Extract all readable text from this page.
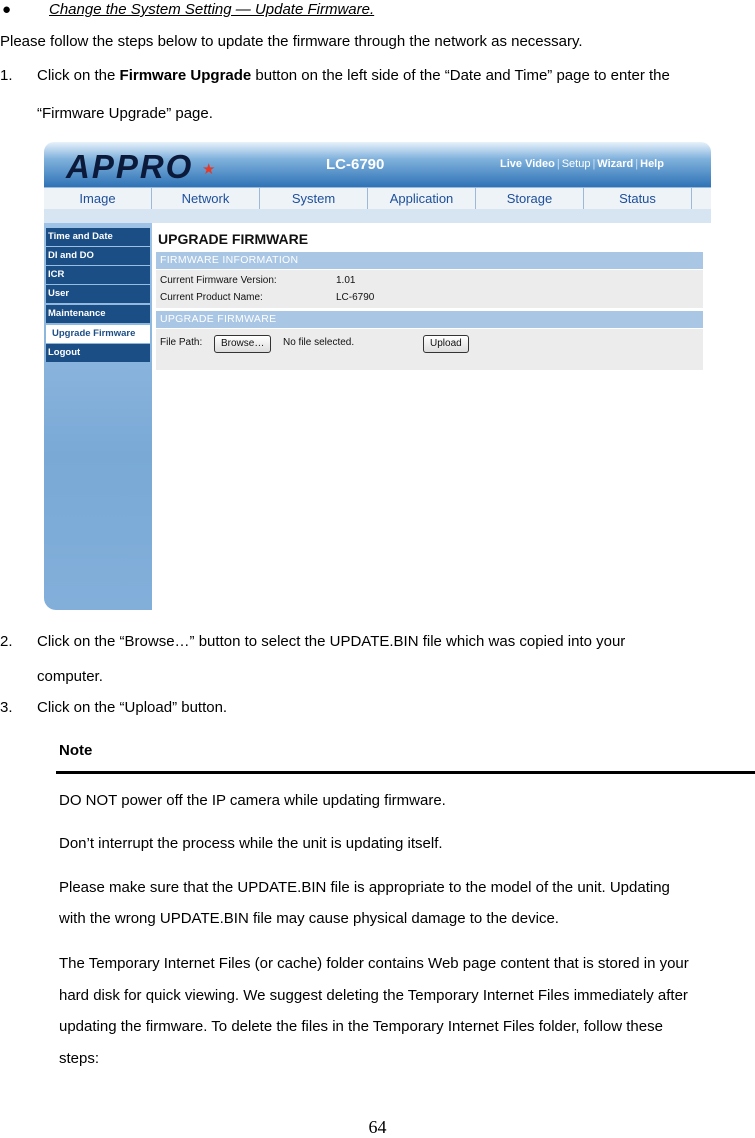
●	Change the System Setting — Update Firmware.
Please follow the steps below to update the firmware through the network as necessary.
1. Click on the Firmware Upgrade button on the left side of the “Date and Time” page to enter the
“Firmware Upgrade” page.
APPRO ★	LC-6790	Live Video | Setup | Wizard | Help
Image	Network	System	Application	Storage	Status
Time and Date
DI and DO
ICR
User
Maintenance
Upgrade Firmware
Logout
UPGRADE FIRMWARE
FIRMWARE INFORMATION
Current Firmware Version:	1.01
Current Product Name:	LC-6790
UPGRADE FIRMWARE
File Path:	Browse…	No file selected.	Upload
2. Click on the “Browse…” button to select the UPDATE.BIN file which was copied into your
computer.
3. Click on the “Upload” button.
Note
DO NOT power off the IP camera while updating firmware.
Don’t interrupt the process while the unit is updating itself.
Please make sure that the UPDATE.BIN file is appropriate to the model of the unit. Updating
with the wrong UPDATE.BIN file may cause physical damage to the device.
The Temporary Internet Files (or cache) folder contains Web page content that is stored in your
hard disk for quick viewing. We suggest deleting the Temporary Internet Files immediately after
updating the firmware. To delete the files in the Temporary Internet Files folder, follow these
steps:
64
